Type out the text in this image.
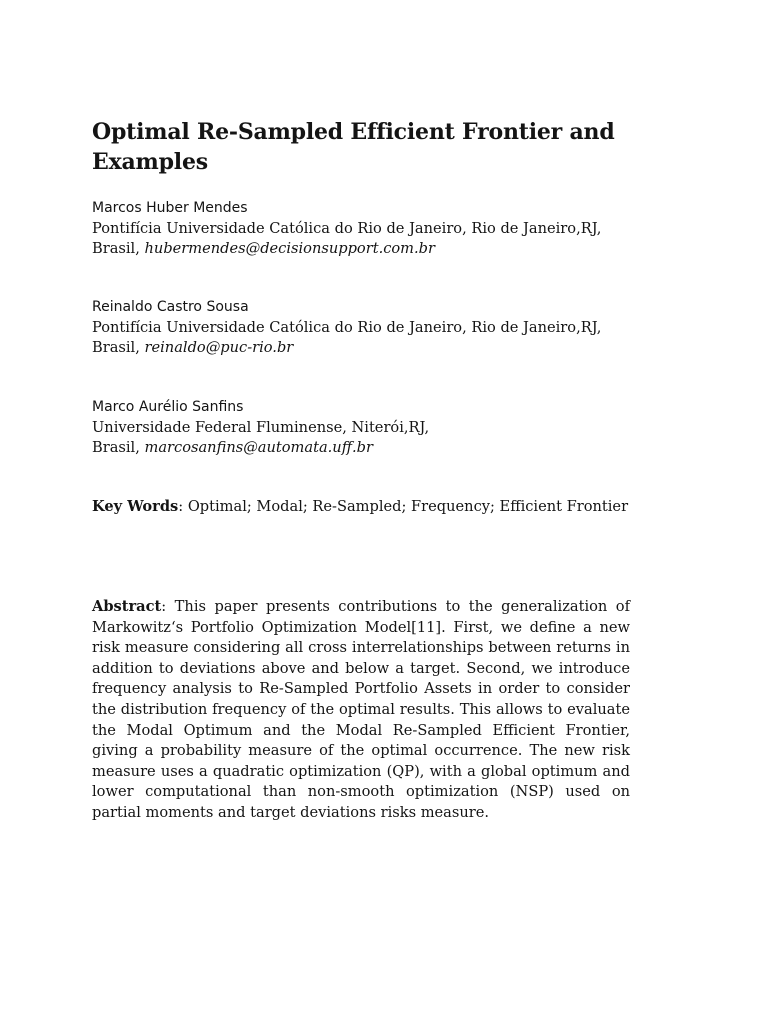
Optimal Re-Sampled Efficient Frontier and Examples
Marcos Huber Mendes
Pontifícia Universidade Católica do Rio de Janeiro, Rio de Janeiro,RJ,
Brasil, hubermendes@decisionsupport.com.br
Reinaldo Castro Sousa
Pontifícia Universidade Católica do Rio de Janeiro, Rio de Janeiro,RJ,
Brasil, reinaldo@puc-rio.br
Marco Aurélio Sanfins
Universidade Federal Fluminense, Niterói,RJ,
Brasil, marcosanfins@automata.uff.br
Key Words: Optimal; Modal; Re-Sampled; Frequency; Efficient Frontier
Abstract: This paper presents contributions to the generalization of Markowitz‘s Portfolio Optimization Model[11]. First, we define a new risk measure considering all cross interrelationships between returns in addition to deviations above and below a target. Second, we introduce frequency analysis to Re-Sampled Portfolio Assets in order to consider the distribution frequency of the optimal results. This allows to evaluate the Modal Optimum and the Modal Re-Sampled Efficient Frontier, giving a probability measure of the optimal occurrence. The new risk measure uses a quadratic optimization (QP), with a global optimum and lower computational than non-smooth optimization (NSP) used on partial moments and target deviations risks measure.
